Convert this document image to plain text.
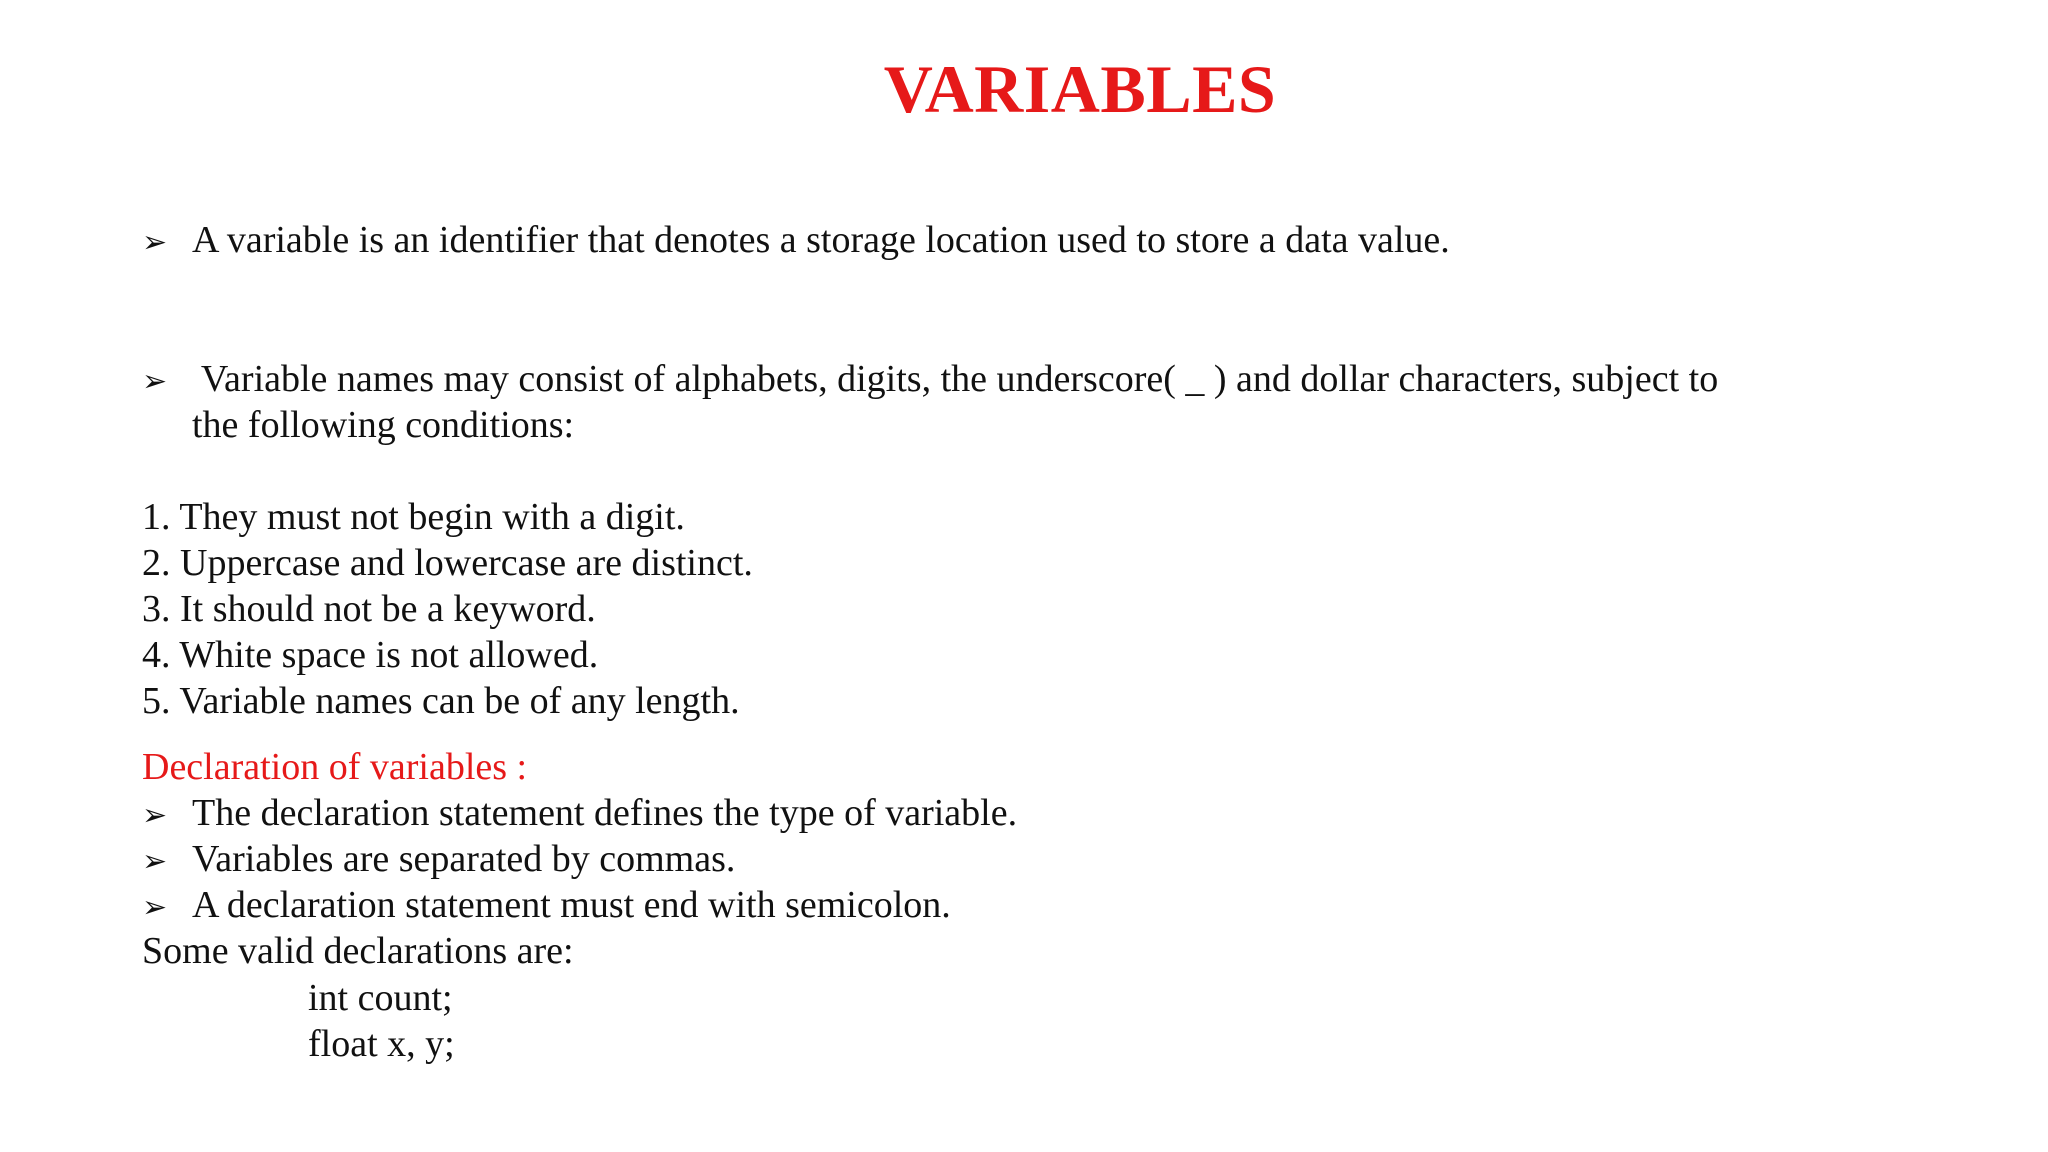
VARIABLES
➢ A variable is an identifier that denotes a storage location used to store a data value.
➢ Variable names may consist of alphabets, digits, the underscore( _ ) and dollar characters, subject to
the following conditions:
1. They must not begin with a digit.
2. Uppercase and lowercase are distinct.
3. It should not be a keyword.
4. White space is not allowed.
5. Variable names can be of any length.
Declaration of variables :
➢ The declaration statement defines the type of variable.
➢ Variables are separated by commas.
➢ A declaration statement must end with semicolon.
Some valid declarations are:
int count;
float x, y;
